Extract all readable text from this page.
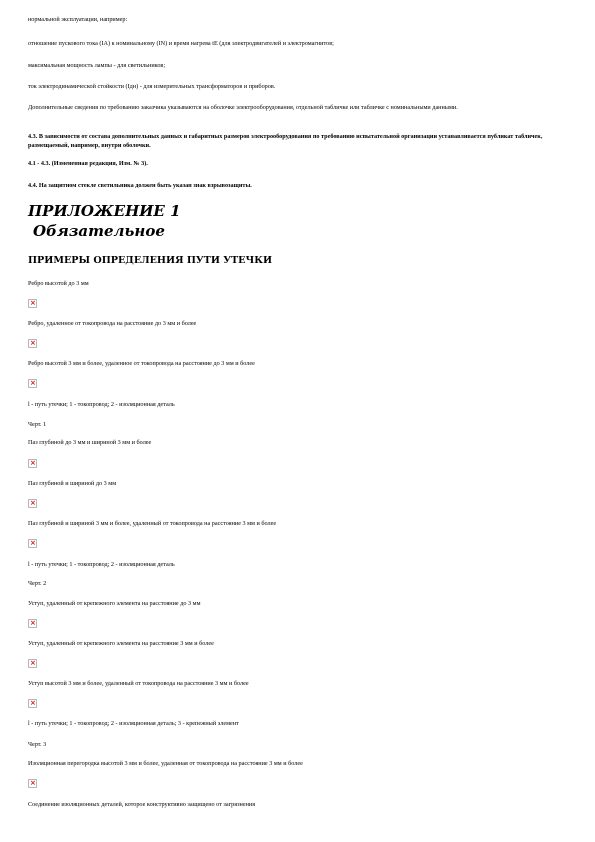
нормальной эксплуатации, например:
отношение пускового тока (IA) к номинальному (IN) и время нагрева tE (для электродвигателей и электромагнитов;
максимальная мощность лампы - для светильников;
ток электродинамической стойкости (Iдн) - для измерительных трансформаторов и приборов.
Дополнительные сведения по требованию заказчика указываются на оболочке электрооборудования, отдельной табличке или табличке с номинальными данными.
4.3. В зависимости от состава дополнительных данных и габаритных размеров электрооборудования по требованию испытательной организации устанавливается публикат табличек, размещаемый, например, внутри оболочки.
4.1 - 4.3. (Измененная редакция, Изм. № 3).
4.4. На защитном стекле светильника должен быть указан знак взрывозащиты.
ПРИЛОЖЕНИЕ 1
Обязательное
ПРИМЕРЫ ОПРЕДЕЛЕНИЯ ПУТИ УТЕЧКИ
Ребро высотой до 3 мм
×
Ребро, удаленное от токопровода на расстояние до 3 мм и более
×
Ребро высотой 3 мм и более, удаленное от токопровода на расстояние до 3 мм и более
×
l - путь утечки; 1 - токопровод; 2 - изоляционная деталь
Черт. 1
Паз глубиной до 3 мм и шириной 3 мм и более
×
Паз глубиной и шириной до 3 мм
×
Паз глубиной и шириной 3 мм и более, удаленный от токопровода на расстояние 3 мм и более
×
l - путь утечки; 1 - токопровод; 2 - изоляционная деталь
Черт. 2
Уступ, удаленный от крепежного элемента на расстояние до 3 мм
×
Уступ, удаленный от крепежного элемента на расстояние 3 мм и более
×
Уступ высотой 3 мм и более, удаленный от токопровода на расстояние 3 мм и более
×
l - путь утечки; 1 - токопровод; 2 - изоляционная деталь; 3 - крепежный элемент
Черт. 3
Изоляционная перегородка высотой 3 мм и более, удаленная от токопровода на расстояние 3 мм и более
×
Соединение изоляционных деталей, которое конструктивно защищено от загрязнения
